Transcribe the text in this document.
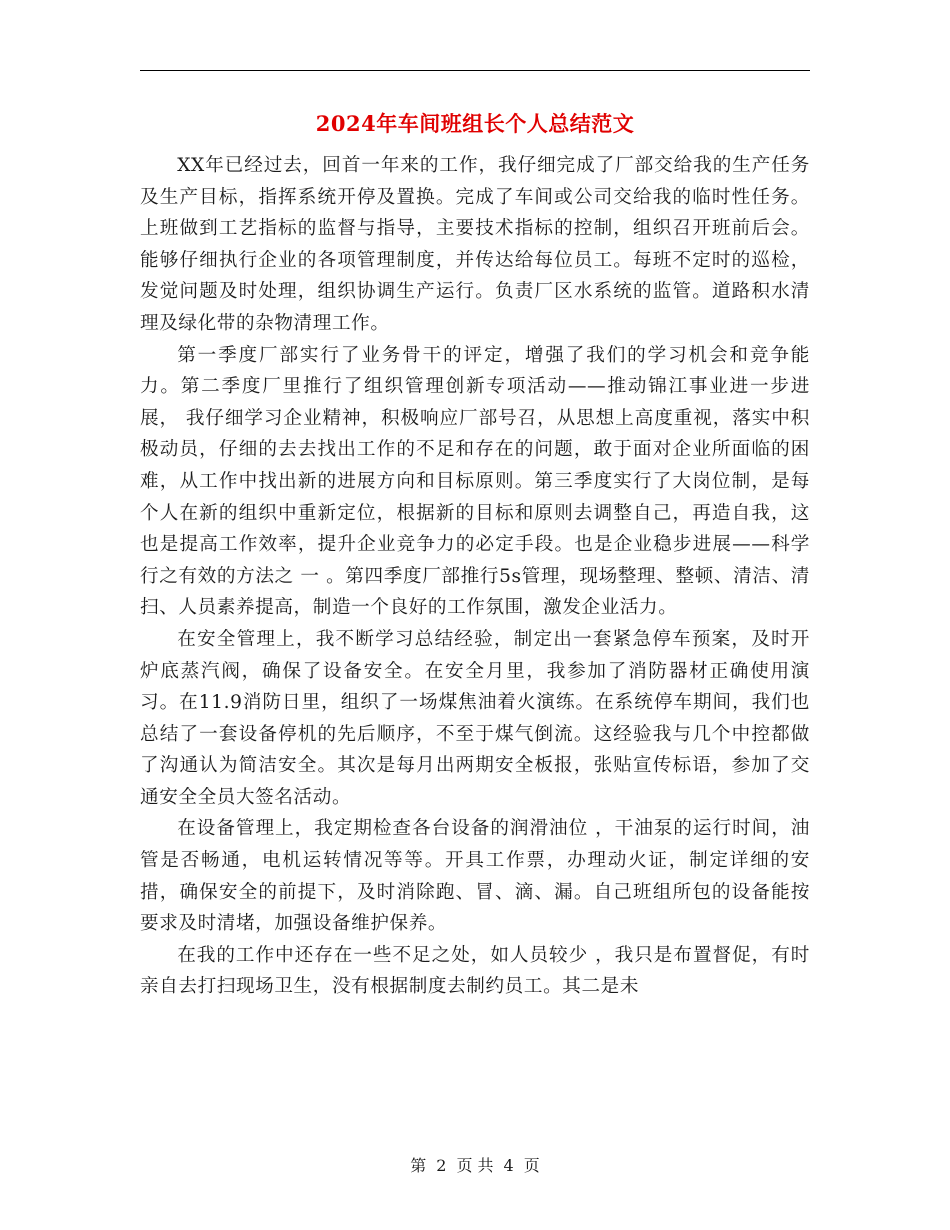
2024年车间班组长个人总结范文

XX年已经过去，回首一年来的工作，我仔细完成了厂部交给我的生产任务及生产目标，指挥系统开停及置换。完成了车间或公司交给我的临时性任务。上班做到工艺指标的监督与指导，主要技术指标的控制，组织召开班前后会。能够仔细执行企业的各项管理制度，并传达给每位员工。每班不定时的巡检，发觉问题及时处理，组织协调生产运行。负责厂区水系统的监管。道路积水清理及绿化带的杂物清理工作。

第一季度厂部实行了业务骨干的评定，增强了我们的学习机会和竞争能力。第二季度厂里推行了组织管理创新专项活动——推动锦江事业进一步进展， 我仔细学习企业精神，积极响应厂部号召，从思想上高度重视，落实中积极动员，仔细的去去找出工作的不足和存在的问题，敢于面对企业所面临的困难，从工作中找出新的进展方向和目标原则。第三季度实行了大岗位制，是每个人在新的组织中重新定位，根据新的目标和原则去调整自己，再造自我，这也是提高工作效率，提升企业竞争力的必定手段。也是企业稳步进展——科学行之有效的方法之 一 。第四季度厂部推行5s管理，现场整理、整顿、清洁、清扫、人员素养提高，制造一个良好的工作氛围，激发企业活力。

在安全管理上，我不断学习总结经验，制定出一套紧急停车预案，及时开炉底蒸汽阀，确保了设备安全。在安全月里，我参加了消防器材正确使用演习。在11.9消防日里，组织了一场煤焦油着火演练。在系统停车期间，我们也总结了一套设备停机的先后顺序，不至于煤气倒流。这经验我与几个中控都做了沟通认为简洁安全。其次是每月出两期安全板报，张贴宣传标语，参加了交通安全全员大签名活动。

在设备管理上，我定期检查各台设备的润滑油位 ，干油泵的运行时间，油管是否畅通，电机运转情况等等。开具工作票，办理动火证，制定详细的安措，确保安全的前提下，及时消除跑、冒、滴、漏。自己班组所包的设备能按要求及时清堵，加强设备维护保养。

在我的工作中还存在一些不足之处，如人员较少 ，我只是布置督促，有时亲自去打扫现场卫生，没有根据制度去制约员工。其二是未

第 2 页 共 4 页
